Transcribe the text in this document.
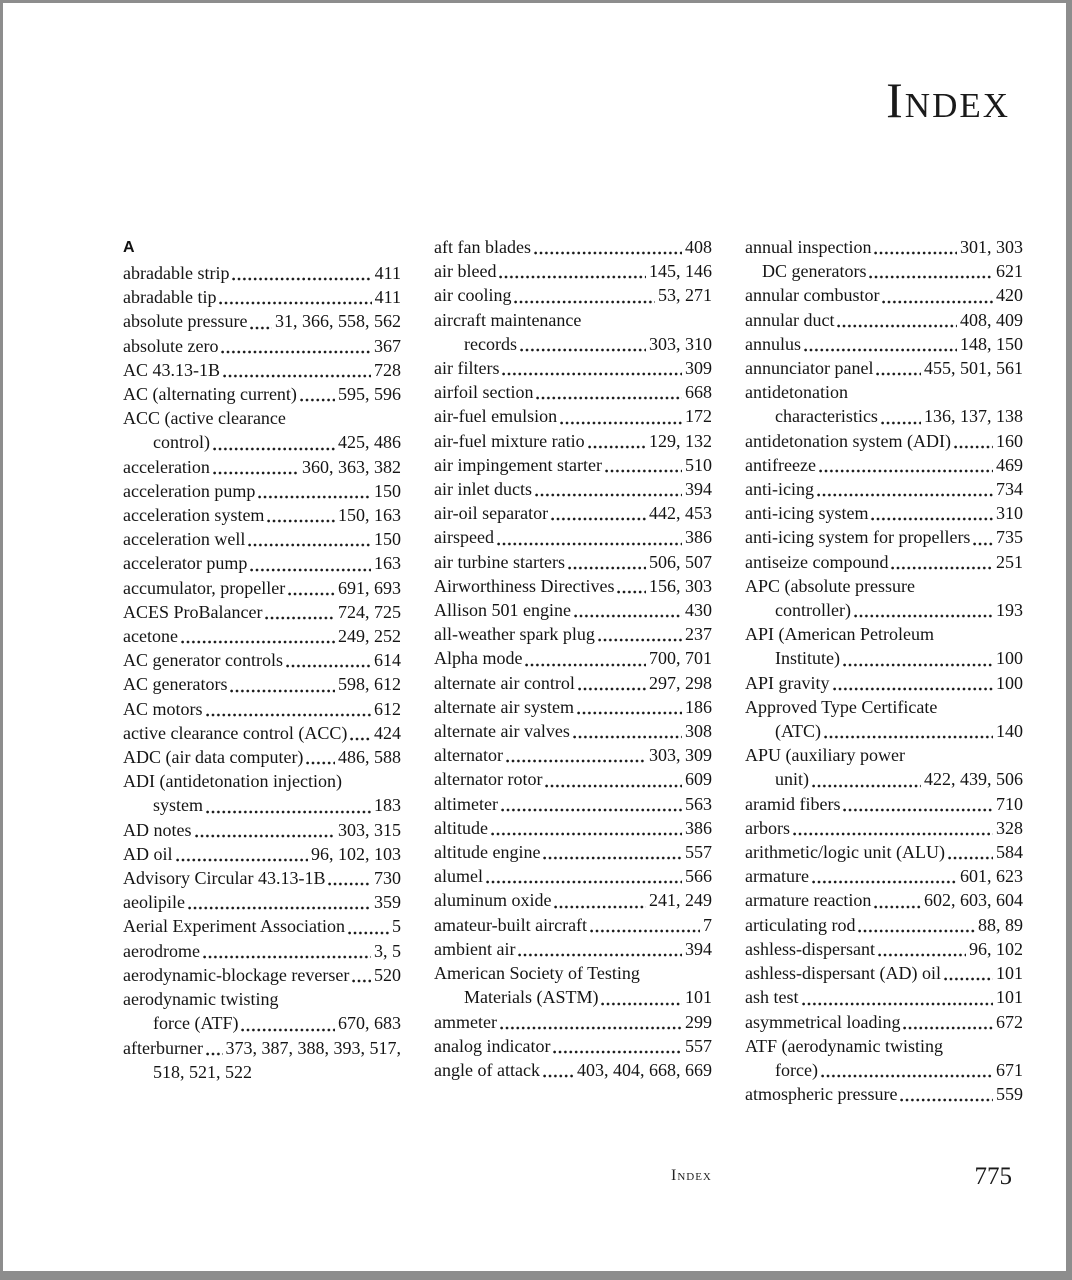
Index
A
abradable strip	411
abradable tip	411
absolute pressure 31, 366, 558, 562
absolute zero	367
AC 43.13-1B	728
AC (alternating current) 595, 596
ACC (active clearance
control)	425, 486
acceleration	360, 363, 382
acceleration pump	150
acceleration system	150, 163
acceleration well	150
accelerator pump	163
accumulator, propeller	691, 693
ACES ProBalancer	724, 725
acetone	249, 252
AC generator controls	614
AC generators	598, 612
AC motors	612
active clearance control (ACC) 424
ADC (air data computer) 486, 588
ADI (antidetonation injection)
system	183
AD notes	303, 315
AD oil	96, 102, 103
Advisory Circular 43.13-1B	730
aeolipile	359
Aerial Experiment Association	5
aerodrome	3, 5
aerodynamic-blockage reverser 520
aerodynamic twisting
force (ATF)	670, 683
afterburner 373, 387, 388, 393, 517,
518, 521, 522
aft fan blades	408
air bleed	145, 146
air cooling	53, 271
aircraft maintenance
records	303, 310
air filters	309
airfoil section	668
air-fuel emulsion	172
air-fuel mixture ratio	129, 132
air impingement starter	510
air inlet ducts	394
air-oil separator	442, 453
airspeed	386
air turbine starters	506, 507
Airworthiness Directives 156, 303
Allison 501 engine	430
all-weather spark plug	237
Alpha mode	700, 701
alternate air control	297, 298
alternate air system	186
alternate air valves	308
alternator	303, 309
alternator rotor	609
altimeter	563
altitude	386
altitude engine	557
alumel	566
aluminum oxide	241, 249
amateur-built aircraft	7
ambient air	394
American Society of Testing
Materials (ASTM)	101
ammeter	299
analog indicator	557
angle of attack 403, 404, 668, 669
annual inspection	301, 303
DC generators	621
annular combustor	420
annular duct	408, 409
annulus	148, 150
annunciator panel	455, 501, 561
antidetonation
characteristics	136, 137, 138
antidetonation system (ADI)	160
antifreeze	469
anti-icing	734
anti-icing system	310
anti-icing system for propellers 735
antiseize compound	251
APC (absolute pressure
controller)	193
API (American Petroleum
Institute)	100
API gravity	100
Approved Type Certificate
(ATC)	140
APU (auxiliary power
unit)	422, 439, 506
aramid fibers	710
arbors	328
arithmetic/logic unit (ALU)	584
armature	601, 623
armature reaction	602, 603, 604
articulating rod	88, 89
ashless-dispersant	96, 102
ashless-dispersant (AD) oil	101
ash test	101
asymmetrical loading	672
ATF (aerodynamic twisting
force)	671
atmospheric pressure	559
Index	775
